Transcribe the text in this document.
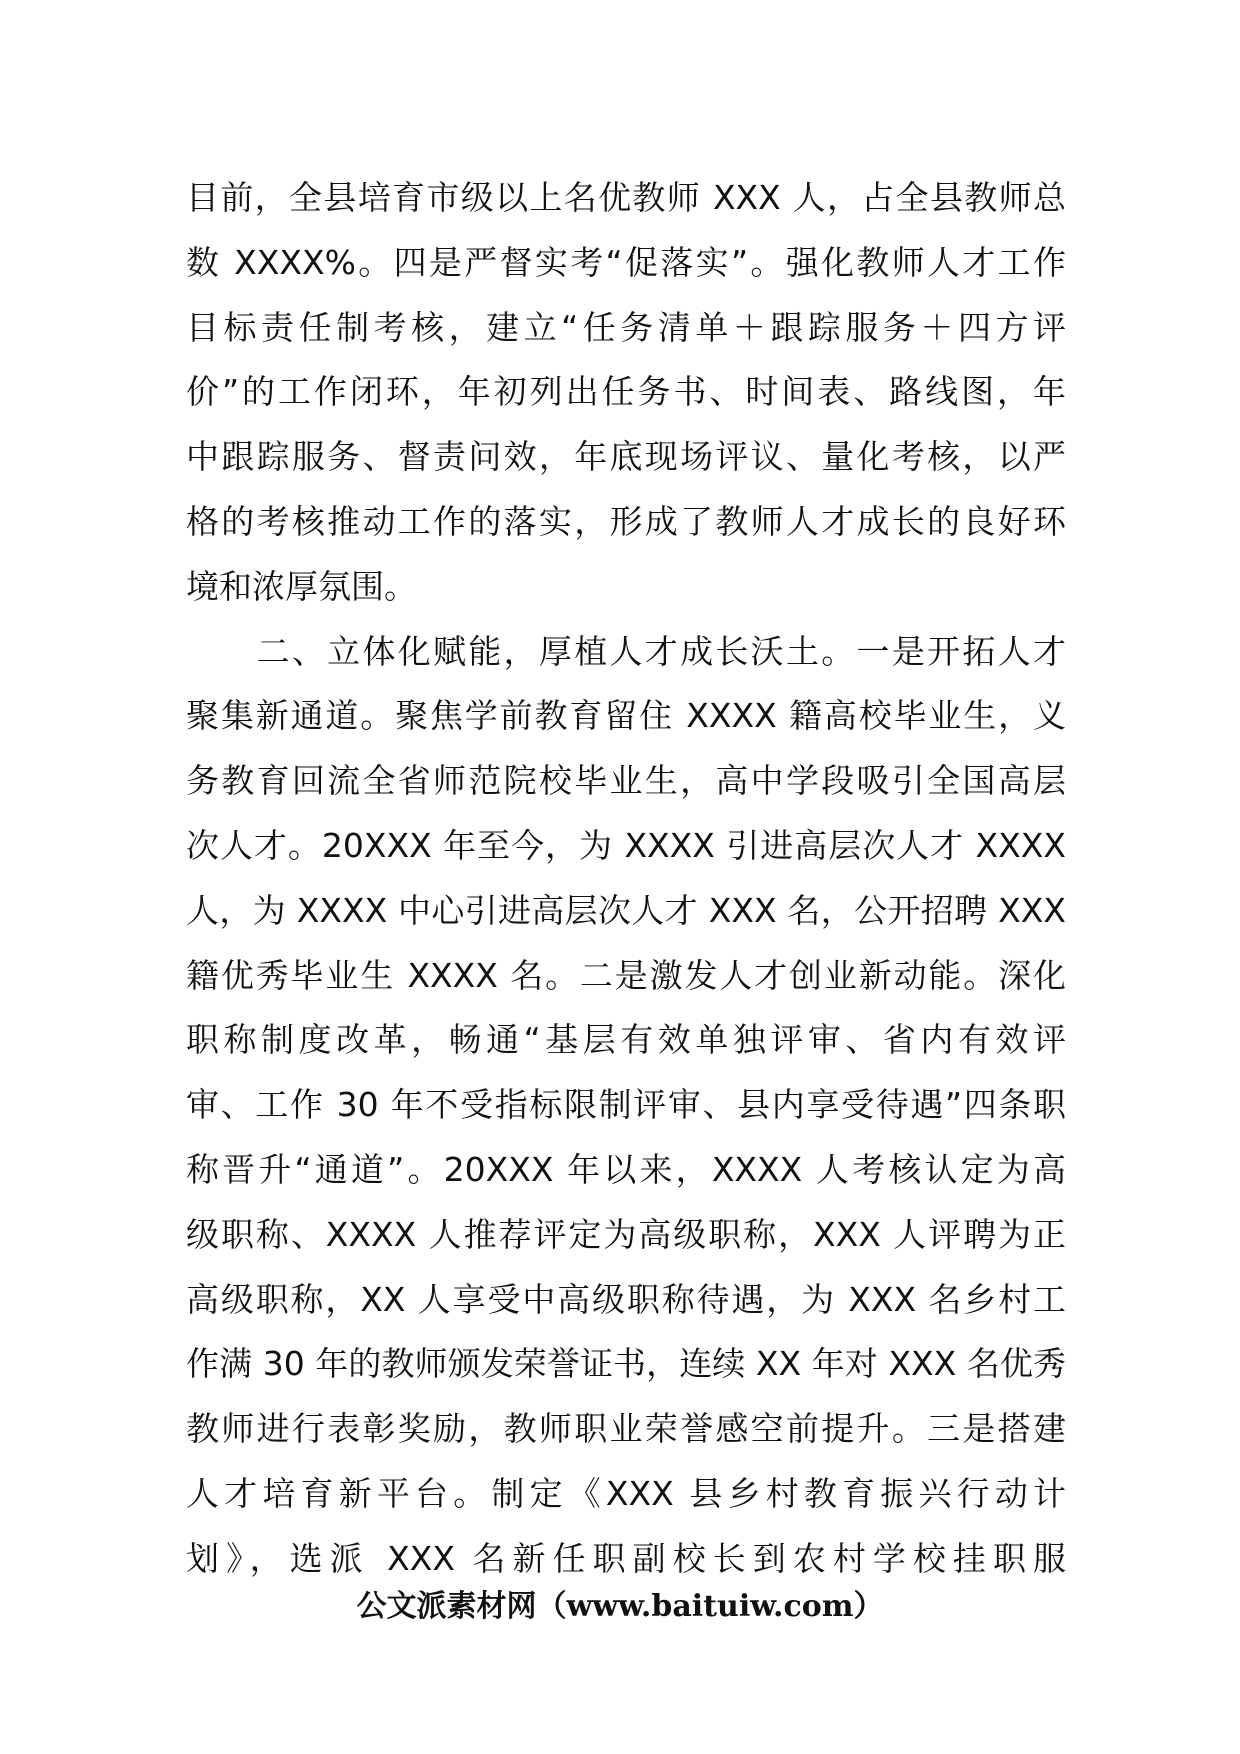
目前，全县培育市级以上名优教师 XXX 人，占全县教师总
数 XXXX%。四是严督实考“促落实”。强化教师人才工作
目标责任制考核，建立“任务清单＋跟踪服务＋四方评
价”的工作闭环，年初列出任务书、时间表、路线图，年
中跟踪服务、督责问效，年底现场评议、量化考核，以严
格的考核推动工作的落实，形成了教师人才成长的良好环
境和浓厚氛围。
　　二、立体化赋能，厚植人才成长沃土。一是开拓人才
聚集新通道。聚焦学前教育留住 XXXX 籍高校毕业生，义
务教育回流全省师范院校毕业生，高中学段吸引全国高层
次人才。20XXX 年至今，为 XXXX 引进高层次人才 XXXX
人，为 XXXX 中心引进高层次人才 XXX 名，公开招聘 XXX
籍优秀毕业生 XXXX 名。二是激发人才创业新动能。深化
职称制度改革，畅通“基层有效单独评审、省内有效评
审、工作 30 年不受指标限制评审、县内享受待遇”四条职
称晋升“通道”。20XXX 年以来，XXXX 人考核认定为高
级职称、XXXX 人推荐评定为高级职称，XXX 人评聘为正
高级职称，XX 人享受中高级职称待遇，为 XXX 名乡村工
作满 30 年的教师颁发荣誉证书，连续 XX 年对 XXX 名优秀
教师进行表彰奖励，教师职业荣誉感空前提升。三是搭建
人才培育新平台。制定《XXX 县乡村教育振兴行动计
划》，选派 XXX 名新任职副校长到农村学校挂职服
公文派素材网（www.baituiw.com）
